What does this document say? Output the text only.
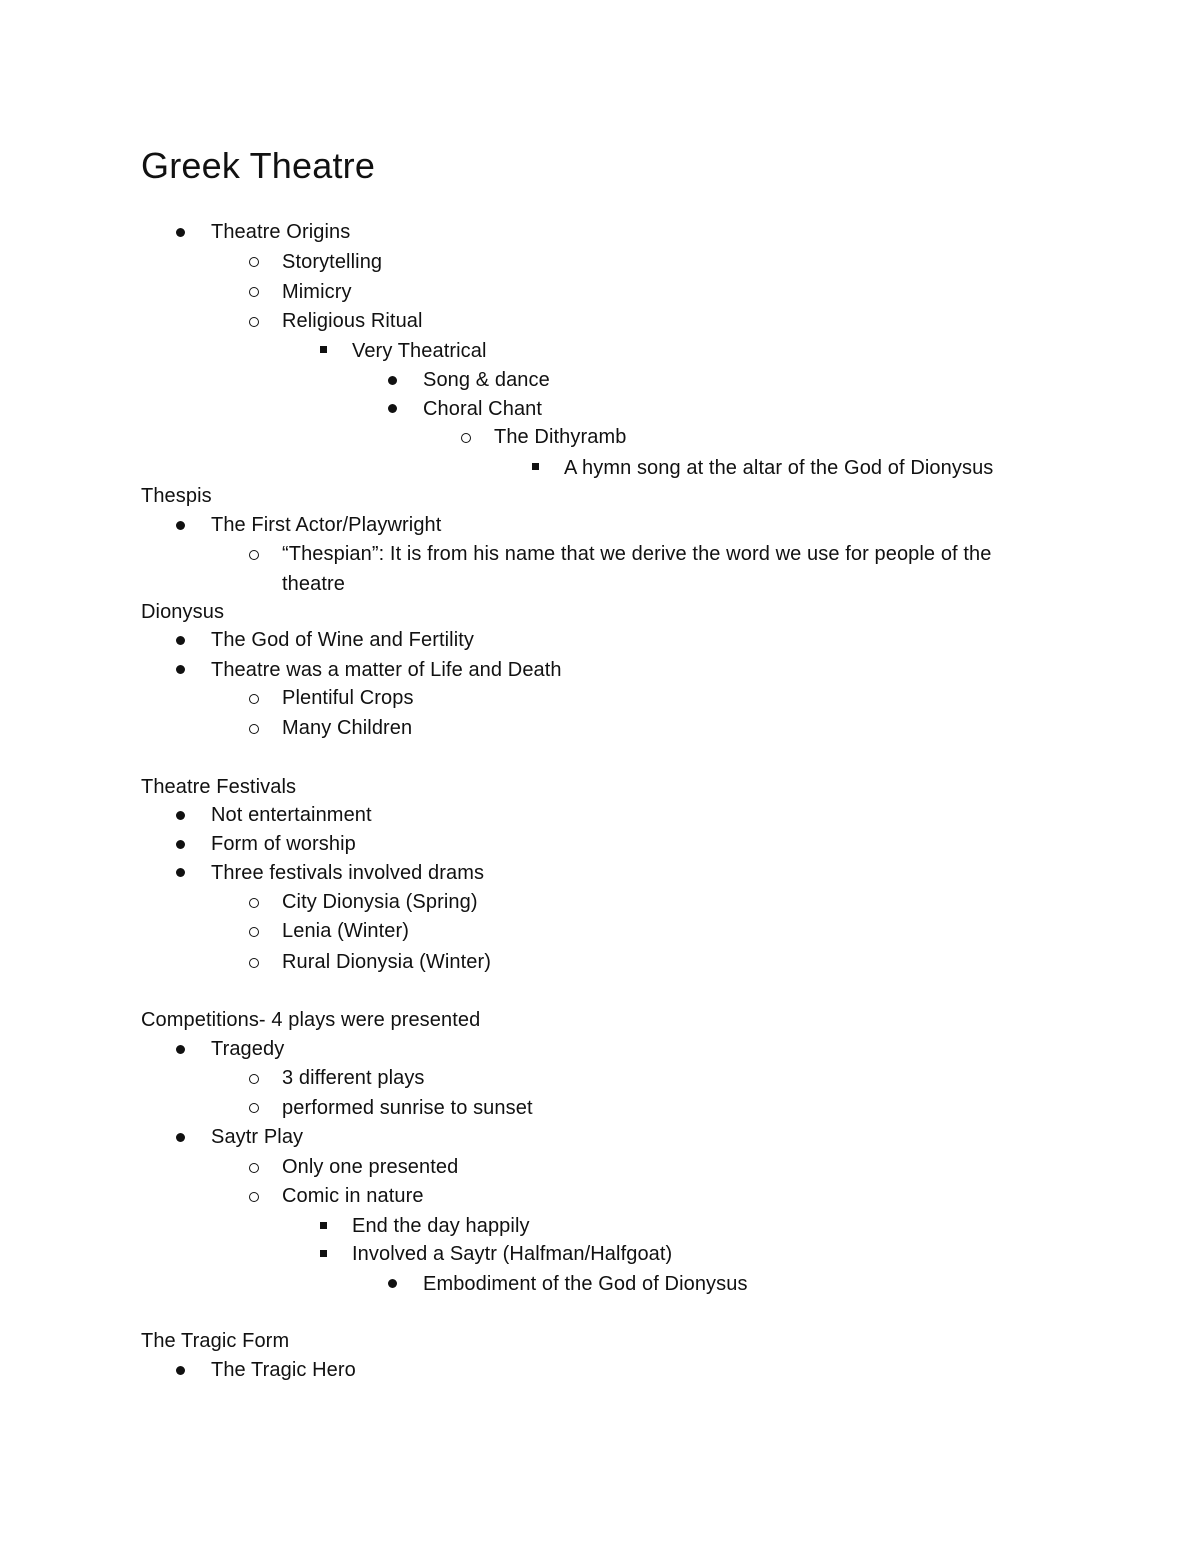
Greek Theatre
Theatre Origins
Storytelling
Mimicry
Religious Ritual
Very Theatrical
Song & dance
Choral Chant
The Dithyramb
A hymn song at the altar of the God of Dionysus
Thespis
The First Actor/Playwright
“Thespian”: It is from his name that we derive the word we use for people of the
theatre
Dionysus
The God of Wine and Fertility
Theatre was a matter of Life and Death
Plentiful Crops
Many Children
Theatre Festivals
Not entertainment
Form of worship
Three festivals involved drams
City Dionysia (Spring)
Lenia (Winter)
Rural Dionysia (Winter)
Competitions- 4 plays were presented
Tragedy
3 different plays
performed sunrise to sunset
Saytr Play
Only one presented
Comic in nature
End the day happily
Involved a Saytr (Halfman/Halfgoat)
Embodiment of the God of Dionysus
The Tragic Form
The Tragic Hero
